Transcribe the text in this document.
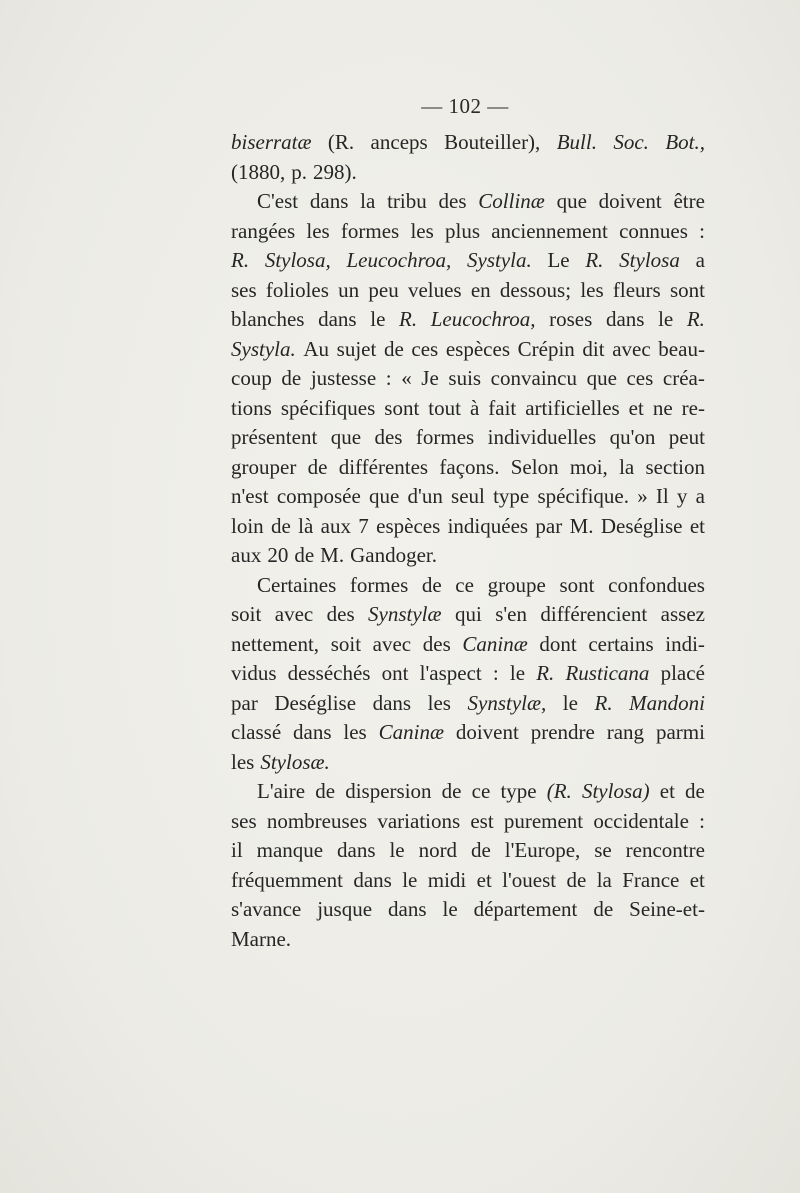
— 102 —
biserratæ (R. anceps Bouteiller), Bull. Soc. Bot.,
(1880, p. 298).
C'est dans la tribu des Collinæ que doivent être
rangées les formes les plus anciennement connues :
R. Stylosa, Leucochroa, Systyla. Le R. Stylosa a
ses folioles un peu velues en dessous; les fleurs sont
blanches dans le R. Leucochroa, roses dans le R.
Systyla. Au sujet de ces espèces Crépin dit avec beau-
coup de justesse : « Je suis convaincu que ces créa-
tions spécifiques sont tout à fait artificielles et ne re-
présentent que des formes individuelles qu'on peut
grouper de différentes façons. Selon moi, la section
n'est composée que d'un seul type spécifique. » Il y a
loin de là aux 7 espèces indiquées par M. Deséglise et
aux 20 de M. Gandoger.
Certaines formes de ce groupe sont confondues
soit avec des Synstylæ qui s'en différencient assez
nettement, soit avec des Caninæ dont certains indi-
vidus desséchés ont l'aspect : le R. Rusticana placé
par Deséglise dans les Synstylæ, le R. Mandoni
classé dans les Caninæ doivent prendre rang parmi
les Stylosæ.
L'aire de dispersion de ce type (R. Stylosa) et de
ses nombreuses variations est purement occidentale :
il manque dans le nord de l'Europe, se rencontre
fréquemment dans le midi et l'ouest de la France et
s'avance jusque dans le département de Seine-et-
Marne.
